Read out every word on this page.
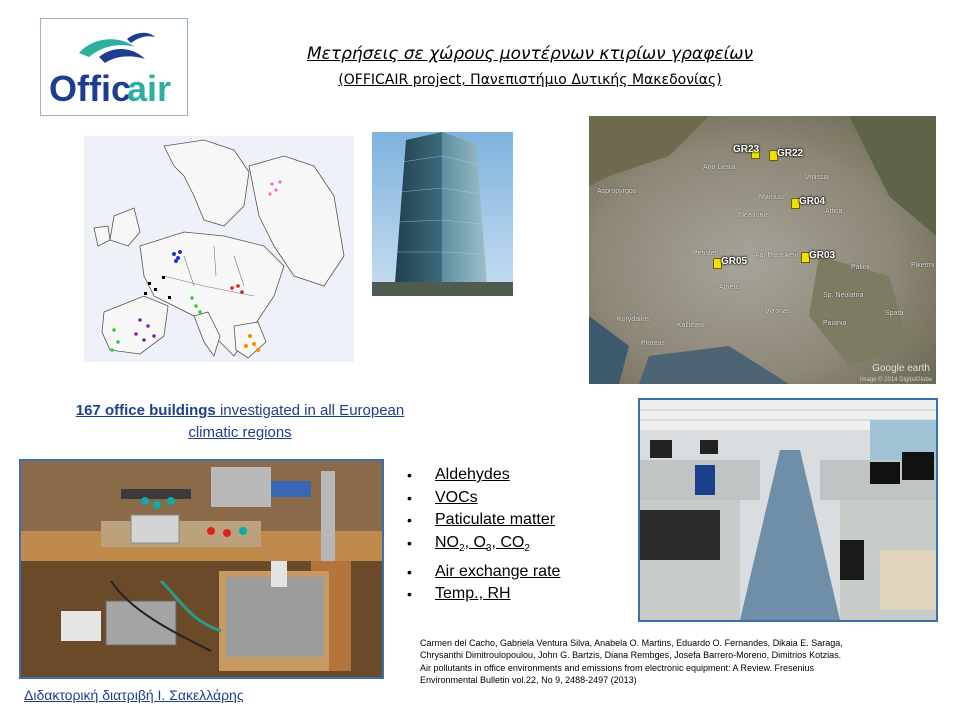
Offic
air
Μετρήσεις σε χώρους μοντέρνων κτιρίων γραφείων
(OFFICAIR project, Πανεπιστήμιο Δυτικής Μακεδονίας)
GR23 GR22
GR04
GR05
GR03
Ano Liosia
Aspropyrgos
Marousi
Nea Ionia
Attica
Peristeri	Ag. Paraskevi
Athens
Pallini
Korydallos
Vyronas
Kallithea
Vrilissia
Sp. Neolatria
Paiania
Spata
Pikermi
Piraeus
Google earth
Image © 2014 DigitalGlobe
167 office buildings investigated in all European
climatic regions
• Aldehydes
• VOCs
• Paticulate matter
• $NO_2$, $O_3$, $CO_2$
• Air exchange rate
• Temp., RH
Carmen del Cacho, Gabriela Ventura Silva, Anabela O. Martins, Eduardo O. Fernandes, Dikaia E. Saraga,
Chrysanthi Dimitroulopoulou, John G. Bartzis, Diana Rembges, Josefa Barrero-Moreno, Dimitrios Kotzias.
Air pollutants in office environments and emissions from electronic equipment: A Review. Fresenius
Environmental Bulletin vol.22, No 9, 2488-2497 (2013)
Διδακτορική διατριβή Ι. Σακελλάρης
